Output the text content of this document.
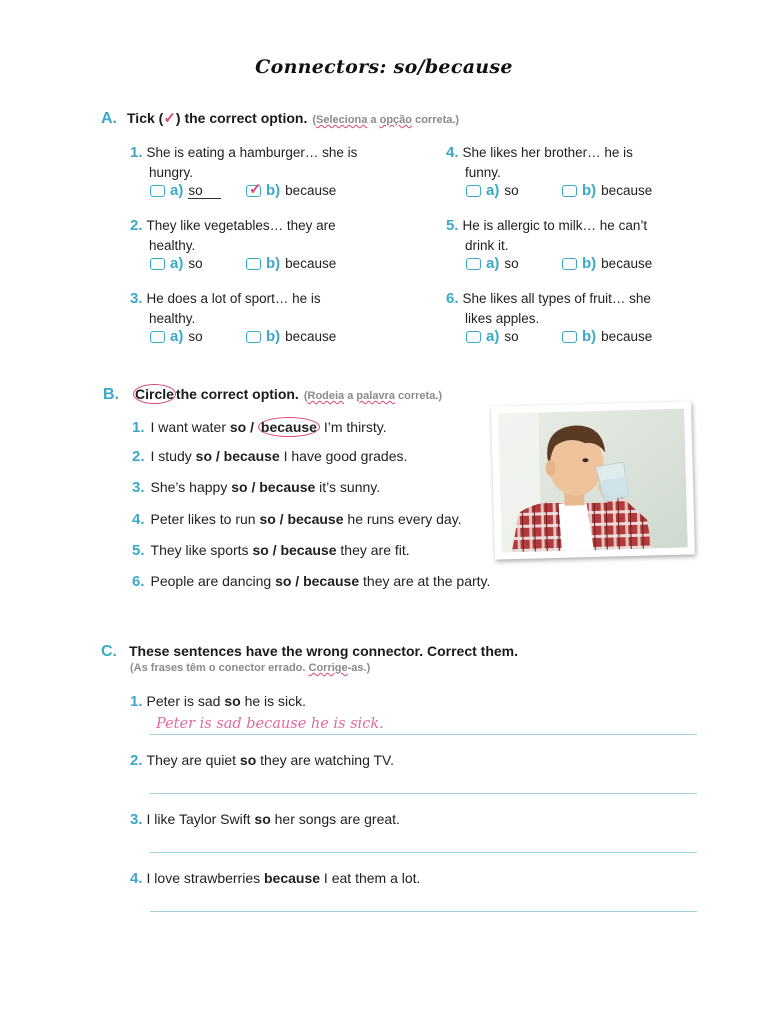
Connectors: so/because
A. Tick ( ✓ ) the correct option. (Seleciona a opção correta.)
1. She is eating a hamburger… she is
hungry.
a) so	✓ b) because
2. They like vegetables… they are
healthy.
a) so	b) because
3. He does a lot of sport… he is
healthy.
a) so	b) because
4. She likes her brother… he is
funny.
a) so	b) because
5. He is allergic to milk… he can’t
drink it.
a) so	b) because
6. She likes all types of fruit… she
likes apples.
a) so	b) because
B. Circle the correct option. (Rodeia a palavra correta.)
1. I want water so / because I’m thirsty.
2. I study so / because I have good grades.
3. She’s happy so / because it’s sunny.
4. Peter likes to run so / because he runs every day.
5. They like sports so / because they are fit.
6. People are dancing so / because they are at the party.
C. These sentences have the wrong connector. Correct them.
(As frases têm o conector errado. Corrige-as.)
1. Peter is sad so he is sick.
Peter is sad because he is sick.
2. They are quiet so they are watching TV.
3. I like Taylor Swift so her songs are great.
4. I love strawberries because I eat them a lot.
